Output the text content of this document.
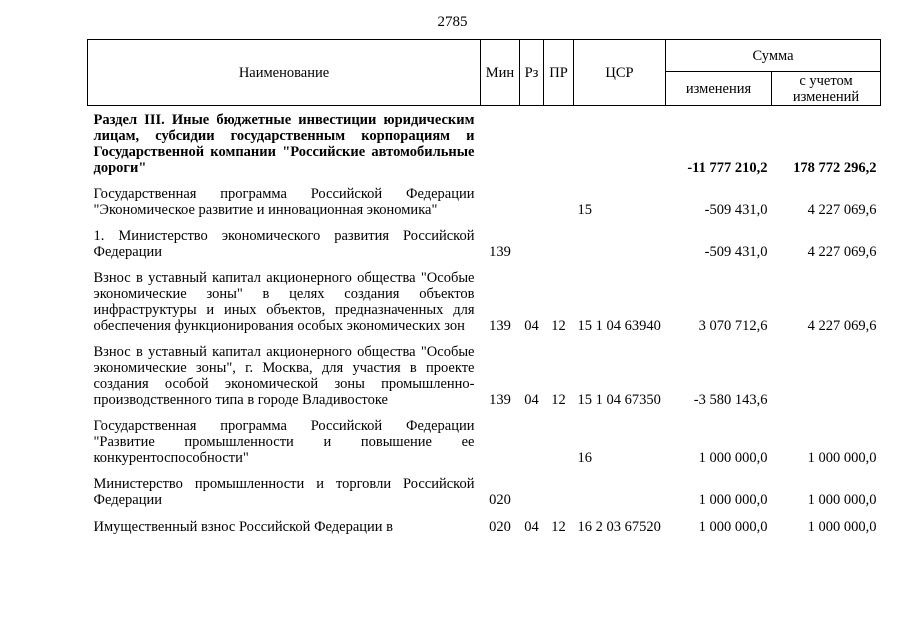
2785
Наименование	Мин	Рз	ПР	ЦСР	Сумма	
					изменения	с учетом изменений
Раздел III. Иные бюджетные инвестиции юридическим лицам, субсидии государственным корпорациям и Государственной компании "Российские автомобильные дороги"					-11 777 210,2	178 772 296,2
Государственная программа Российской Федерации "Экономическое развитие и инновационная экономика"				15	-509 431,0	4 227 069,6
1. Министерство экономического развития Российской Федерации	139				-509 431,0	4 227 069,6
Взнос в уставный капитал акционерного общества "Особые экономические зоны" в целях создания объектов инфраструктуры и иных объектов, предназначенных для обеспечения функционирования особых экономических зон	139	04	12	15 1 04 63940	3 070 712,6	4 227 069,6
Взнос в уставный капитал акционерного общества "Особые экономические зоны", г. Москва, для участия в проекте создания особой экономической зоны промышленно-производственного типа в городе Владивостоке	139	04	12	15 1 04 67350	-3 580 143,6	
Государственная программа Российской Федерации "Развитие промышленности и повышение ее конкурентоспособности"				16	1 000 000,0	1 000 000,0
Министерство промышленности и торговли Российской Федерации	020				1 000 000,0	1 000 000,0
Имущественный взнос Российской Федерации в	020	04	12	16 2 03 67520	1 000 000,0	1 000 000,0
